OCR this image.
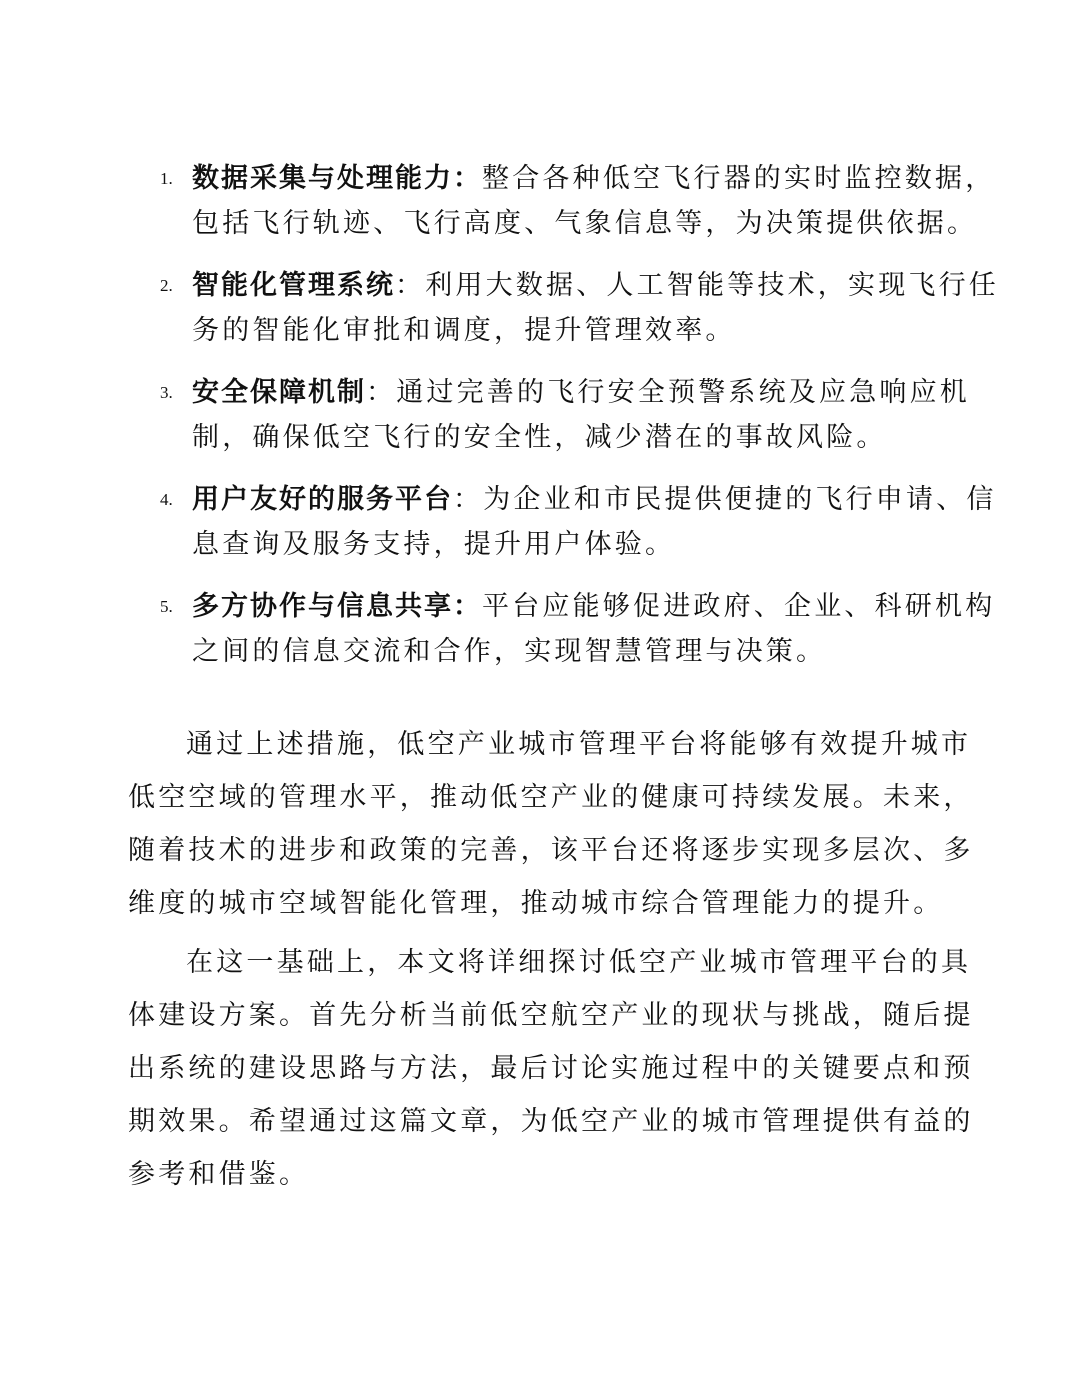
1. 数据采集与处理能力：整合各种低空飞行器的实时监控数据，包括飞行轨迹、飞行高度、气象信息等，为决策提供依据。
2. 智能化管理系统：利用大数据、人工智能等技术，实现飞行任务的智能化审批和调度，提升管理效率。
3. 安全保障机制：通过完善的飞行安全预警系统及应急响应机制，确保低空飞行的安全性，减少潜在的事故风险。
4. 用户友好的服务平台：为企业和市民提供便捷的飞行申请、信息查询及服务支持，提升用户体验。
5. 多方协作与信息共享：平台应能够促进政府、企业、科研机构之间的信息交流和合作，实现智慧管理与决策。

通过上述措施，低空产业城市管理平台将能够有效提升城市低空空域的管理水平，推动低空产业的健康可持续发展。未来，随着技术的进步和政策的完善，该平台还将逐步实现多层次、多维度的城市空域智能化管理，推动城市综合管理能力的提升。

在这一基础上，本文将详细探讨低空产业城市管理平台的具体建设方案。首先分析当前低空航空产业的现状与挑战，随后提出系统的建设思路与方法，最后讨论实施过程中的关键要点和预期效果。希望通过这篇文章，为低空产业的城市管理提供有益的参考和借鉴。
